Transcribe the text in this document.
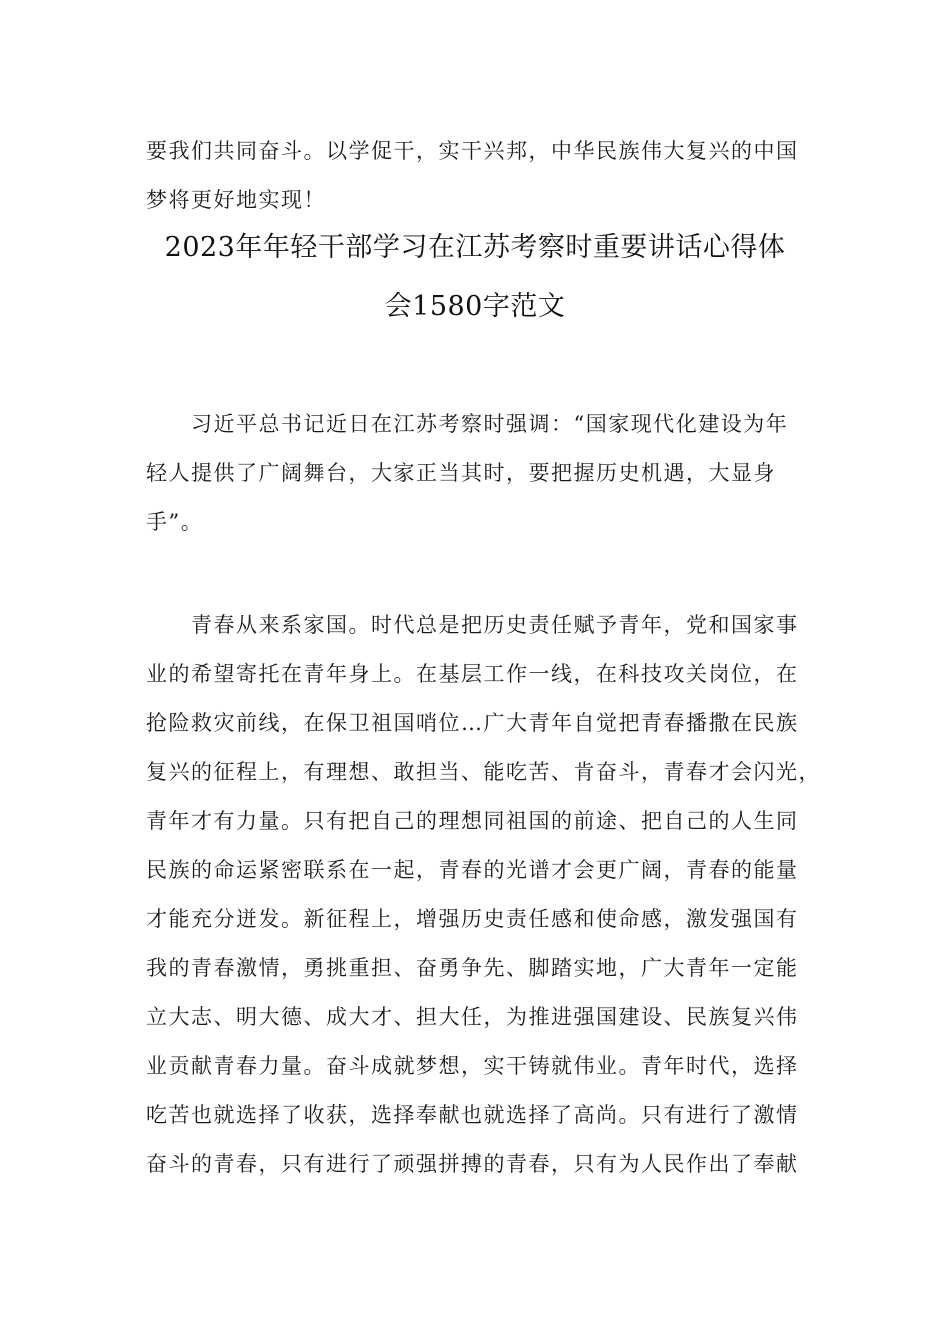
要我们共同奋斗。以学促干，实干兴邦，中华民族伟大复兴的中国
梦将更好地实现！
2023年年轻干部学习在江苏考察时重要讲话心得体
会1580字范文
　　习近平总书记近日在江苏考察时强调：“国家现代化建设为年
轻人提供了广阔舞台，大家正当其时，要把握历史机遇，大显身
手”。
　　青春从来系家国。时代总是把历史责任赋予青年，党和国家事
业的希望寄托在青年身上。在基层工作一线，在科技攻关岗位，在
抢险救灾前线，在保卫祖国哨位…广大青年自觉把青春播撒在民族
复兴的征程上，有理想、敢担当、能吃苦、肯奋斗，青春才会闪光，
青年才有力量。只有把自己的理想同祖国的前途、把自己的人生同
民族的命运紧密联系在一起，青春的光谱才会更广阔，青春的能量
才能充分迸发。新征程上，增强历史责任感和使命感，激发强国有
我的青春激情，勇挑重担、奋勇争先、脚踏实地，广大青年一定能
立大志、明大德、成大才、担大任，为推进强国建设、民族复兴伟
业贡献青春力量。奋斗成就梦想，实干铸就伟业。青年时代，选择
吃苦也就选择了收获，选择奉献也就选择了高尚。只有进行了激情
奋斗的青春，只有进行了顽强拼搏的青春，只有为人民作出了奉献
